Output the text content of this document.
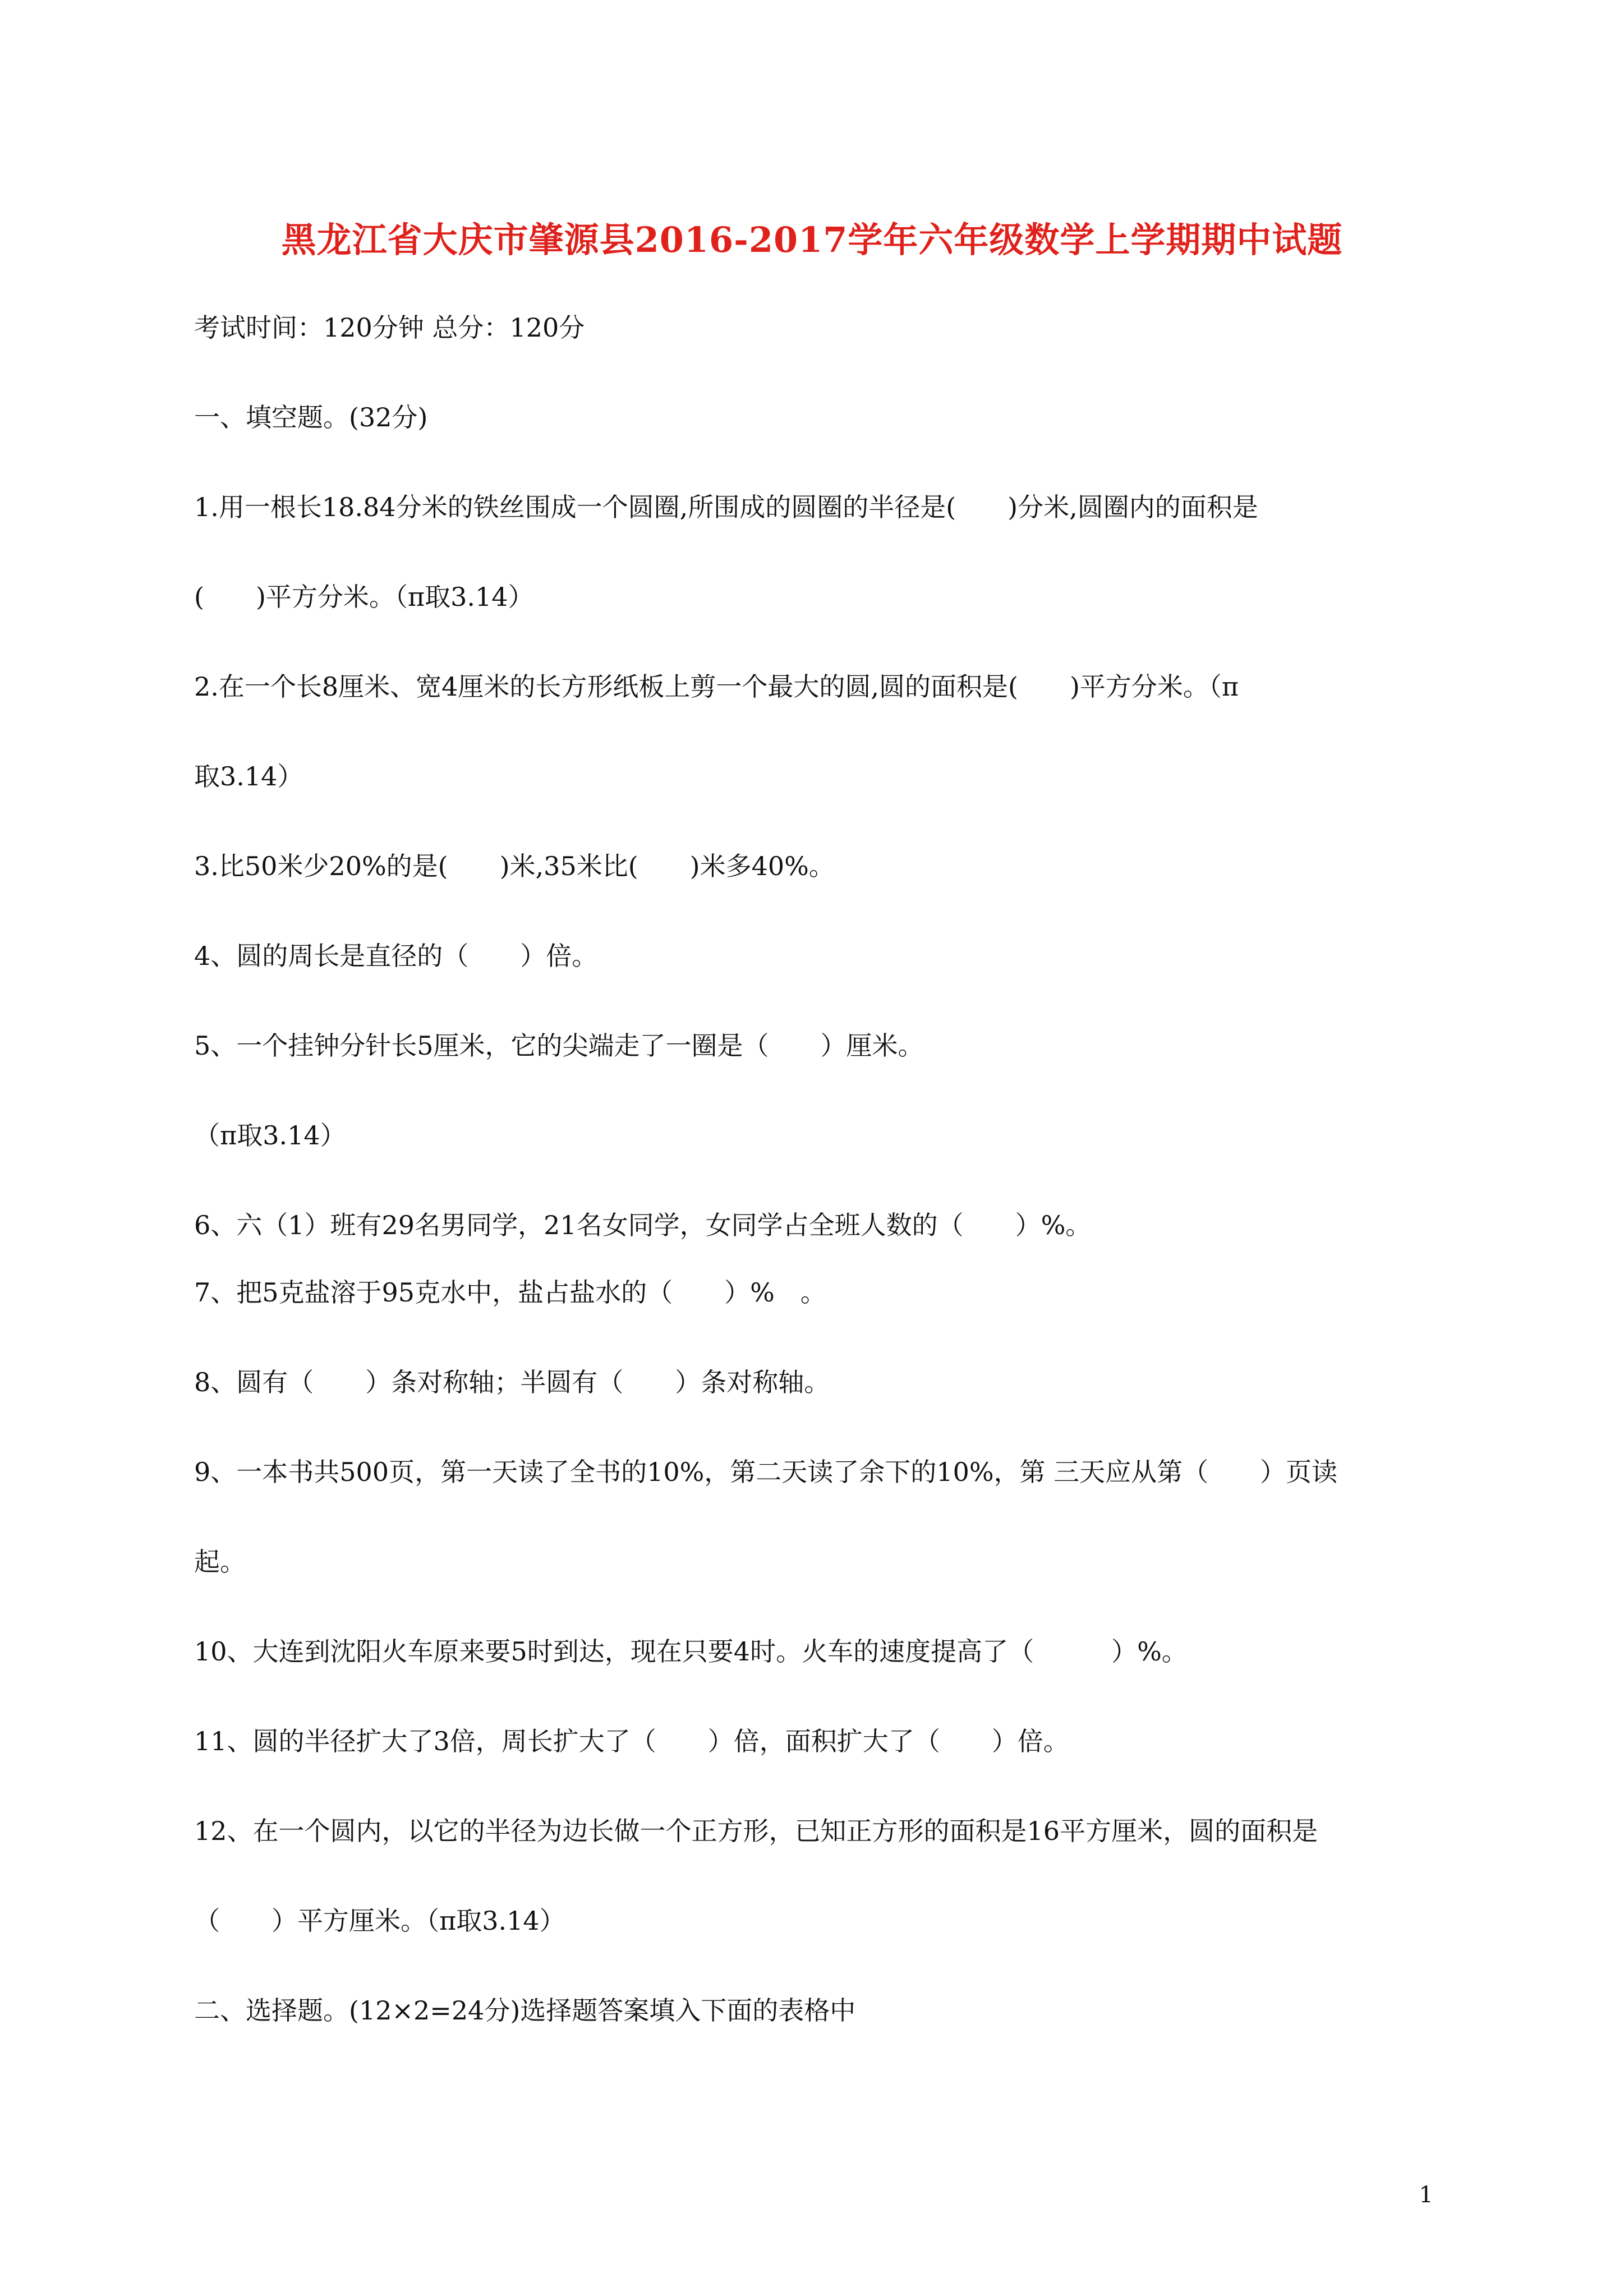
黑龙江省大庆市肇源县2016-2017学年六年级数学上学期期中试题
考试时间：120分钟 总分：120分
一、填空题。(32分)
1.用一根长18.84分米的铁丝围成一个圆圈,所围成的圆圈的半径是(　　)分米,圆圈内的面积是
(　　)平方分米。（π取3.14）
2.在一个长8厘米、宽4厘米的长方形纸板上剪一个最大的圆,圆的面积是(　　)平方分米。（π
取3.14）
3.比50米少20%的是(　　)米,35米比(　　)米多40%。
4、圆的周长是直径的（　　）倍。
5、一个挂钟分针长5厘米，它的尖端走了一圈是（　　）厘米。
（π取3.14）
6、六（1）班有29名男同学，21名女同学，女同学占全班人数的（　　）%。
7、把5克盐溶于95克水中，盐占盐水的（　　）%　。
8、圆有（　　）条对称轴；半圆有（　　）条对称轴。
9、一本书共500页，第一天读了全书的10%，第二天读了余下的10%，第 三天应从第（　　）页读
起。
10、大连到沈阳火车原来要5时到达，现在只要4时。火车的速度提高了（　　　）%。
11、圆的半径扩大了3倍，周长扩大了（　　）倍，面积扩大了（　　）倍。
12、在一个圆内，以它的半径为边长做一个正方形，已知正方形的面积是16平方厘米，圆的面积是
（　　）平方厘米。（π取3.14）
二、选择题。(12×2=24分)选择题答案填入下面的表格中
1
